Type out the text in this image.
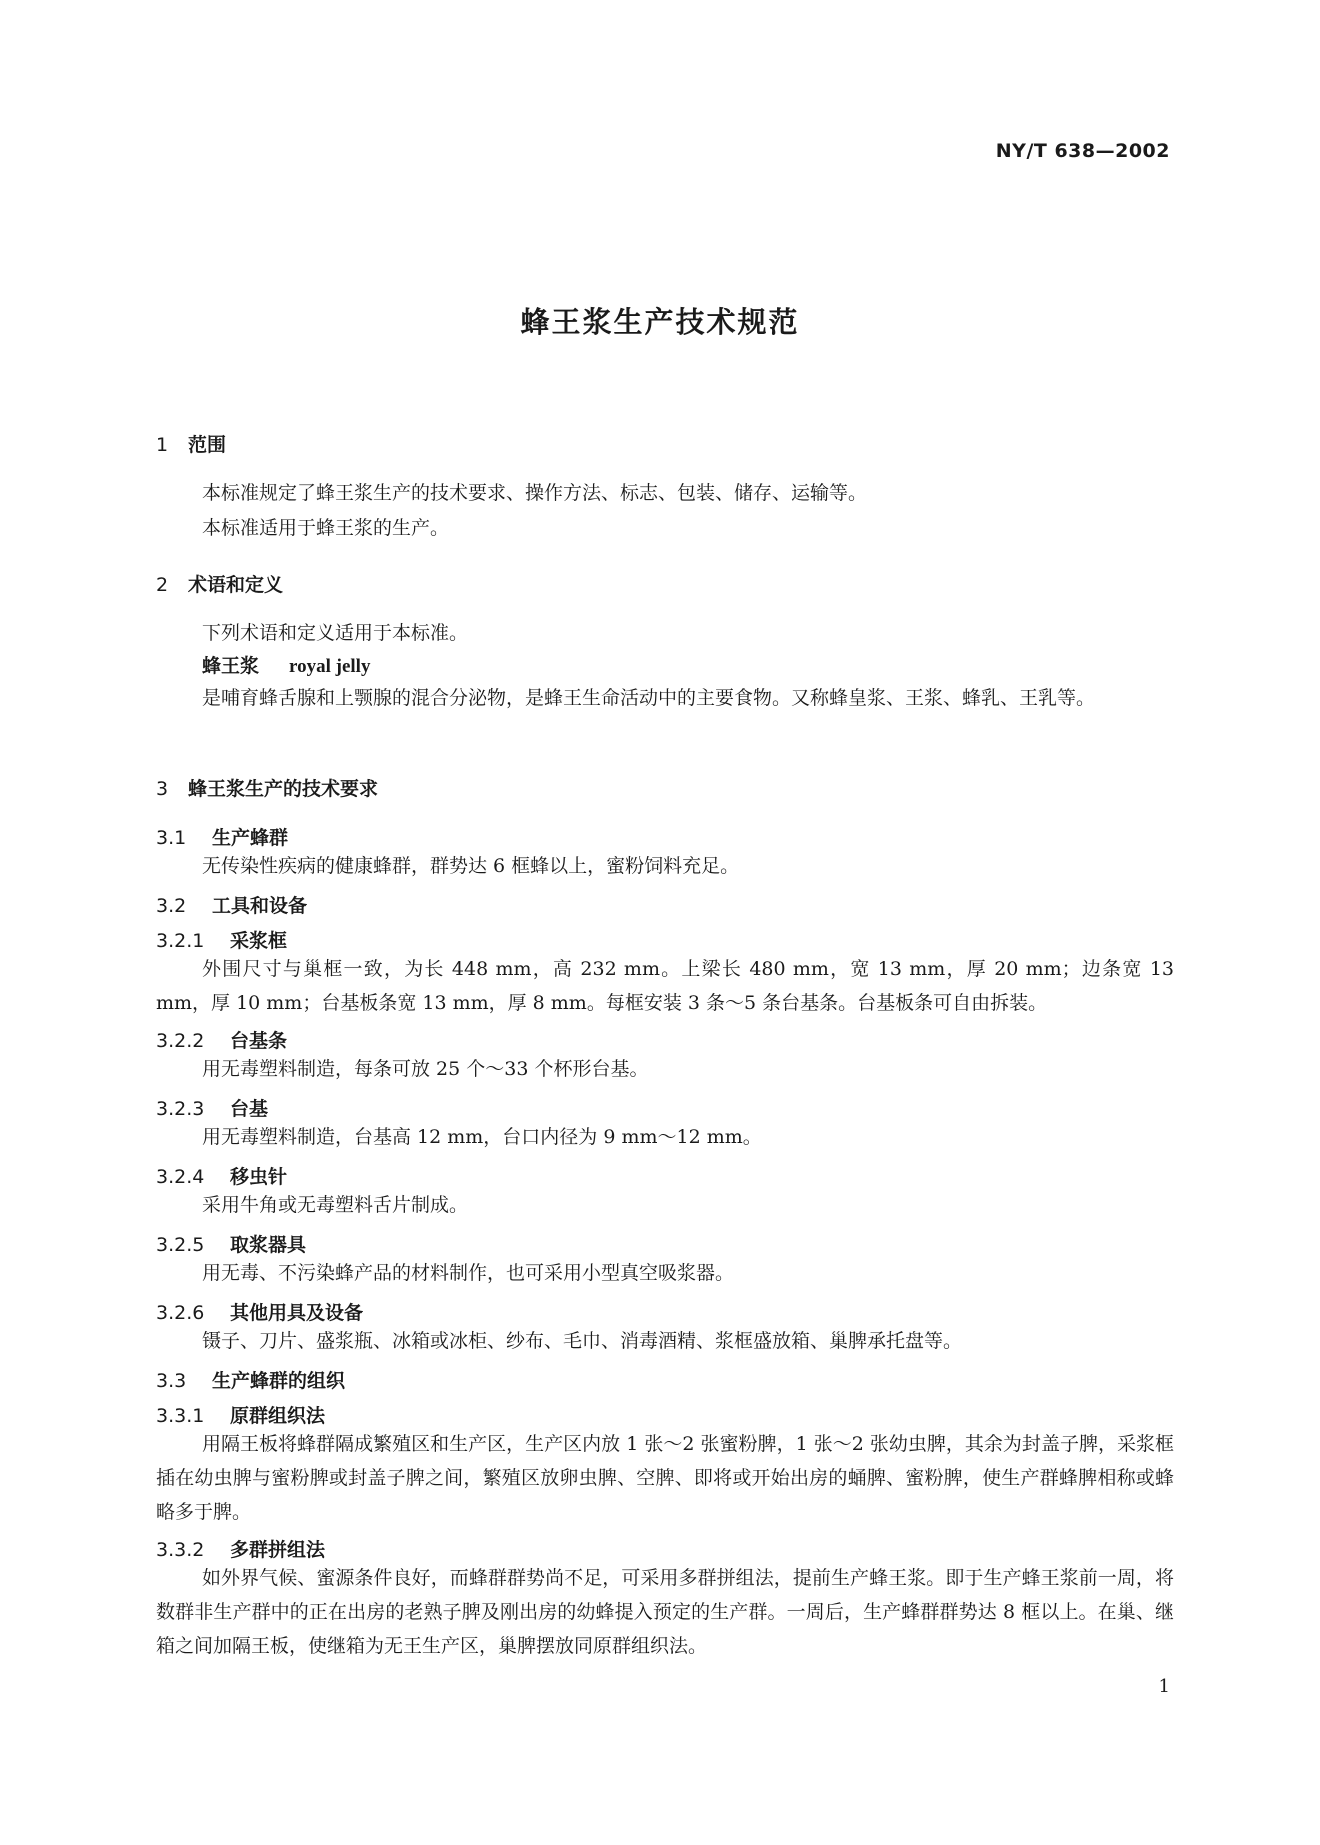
NY/T 638—2002
蜂王浆生产技术规范
1 范围
本标准规定了蜂王浆生产的技术要求、操作方法、标志、包装、储存、运输等。
本标准适用于蜂王浆的生产。
2 术语和定义
下列术语和定义适用于本标准。
蜂王浆 royal jelly
是哺育蜂舌腺和上颚腺的混合分泌物，是蜂王生命活动中的主要食物。又称蜂皇浆、王浆、蜂乳、王乳等。
3 蜂王浆生产的技术要求
3.1 生产蜂群
无传染性疾病的健康蜂群，群势达 6 框蜂以上，蜜粉饲料充足。
3.2 工具和设备
3.2.1 采浆框
外围尺寸与巢框一致，为长 448 mm，高 232 mm。上梁长 480 mm，宽 13 mm，厚 20 mm；边条宽 13 mm，厚 10 mm；台基板条宽 13 mm，厚 8 mm。每框安装 3 条～5 条台基条。台基板条可自由拆装。
3.2.2 台基条
用无毒塑料制造，每条可放 25 个～33 个杯形台基。
3.2.3 台基
用无毒塑料制造，台基高 12 mm，台口内径为 9 mm～12 mm。
3.2.4 移虫针
采用牛角或无毒塑料舌片制成。
3.2.5 取浆器具
用无毒、不污染蜂产品的材料制作，也可采用小型真空吸浆器。
3.2.6 其他用具及设备
镊子、刀片、盛浆瓶、冰箱或冰柜、纱布、毛巾、消毒酒精、浆框盛放箱、巢脾承托盘等。
3.3 生产蜂群的组织
3.3.1 原群组织法
用隔王板将蜂群隔成繁殖区和生产区，生产区内放 1 张～2 张蜜粉脾，1 张～2 张幼虫脾，其余为封盖子脾，采浆框插在幼虫脾与蜜粉脾或封盖子脾之间，繁殖区放卵虫脾、空脾、即将或开始出房的蛹脾、蜜粉脾，使生产群蜂脾相称或蜂略多于脾。
3.3.2 多群拼组法
如外界气候、蜜源条件良好，而蜂群群势尚不足，可采用多群拼组法，提前生产蜂王浆。即于生产蜂王浆前一周，将数群非生产群中的正在出房的老熟子脾及刚出房的幼蜂提入预定的生产群。一周后，生产蜂群群势达 8 框以上。在巢、继箱之间加隔王板，使继箱为无王生产区，巢脾摆放同原群组织法。
1
